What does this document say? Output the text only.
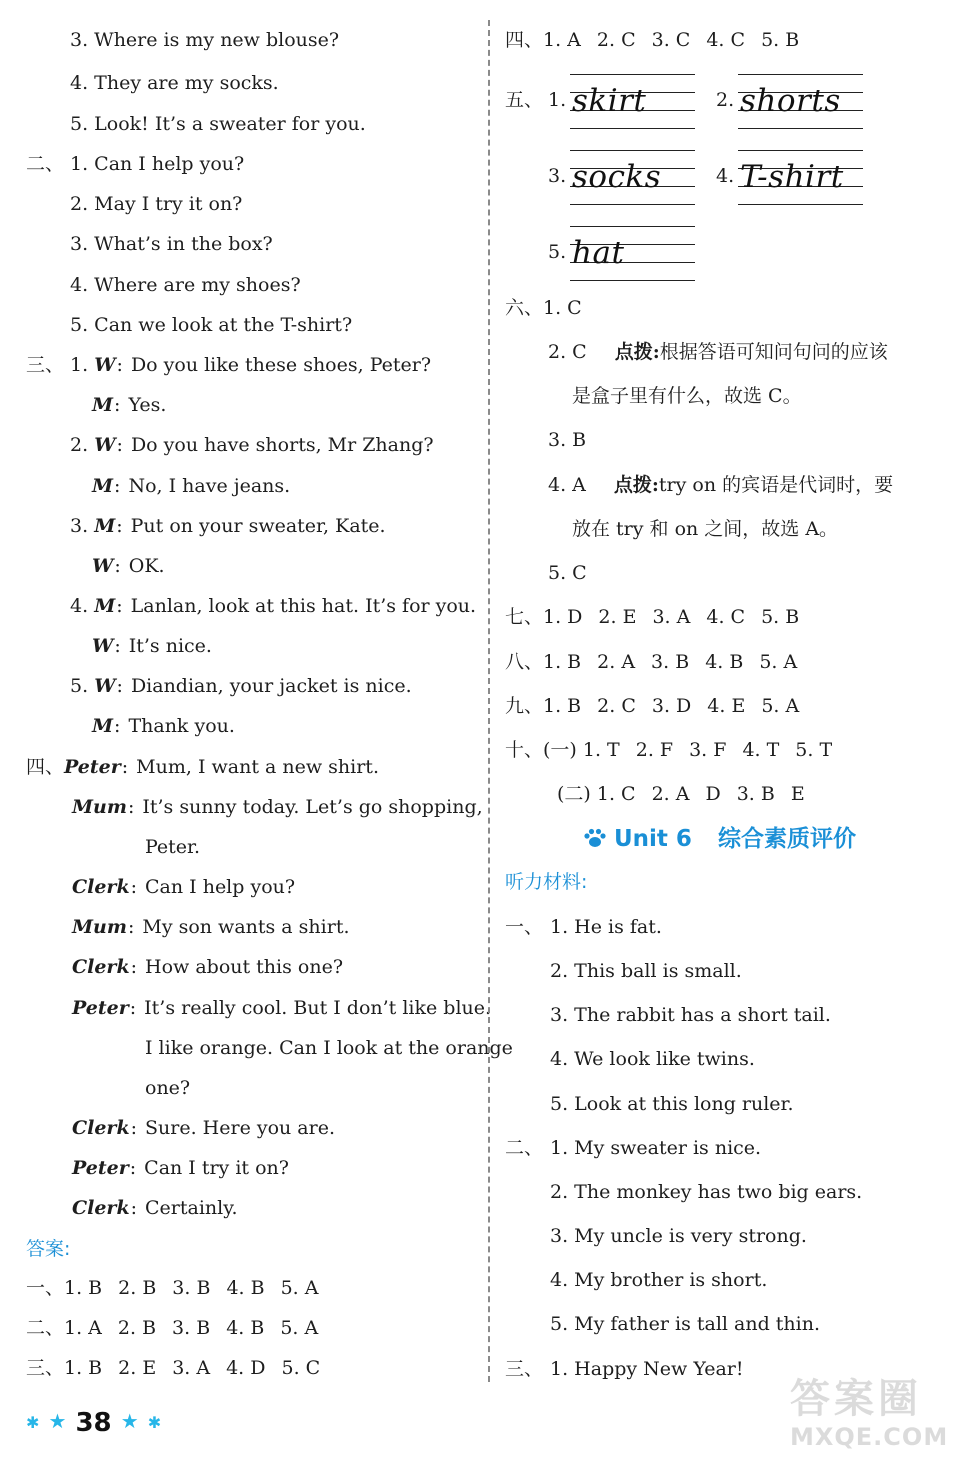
3. Where is my new blouse?
4. They are my socks.
5. Look! It’s a sweater for you.
二、 1. Can I help you?
2. May I try it on?
3. What’s in the box?
4. Where are my shoes?
5. Can we look at the T-shirt?
三、 1. W: Do you like these shoes, Peter?
M: Yes.
2. W: Do you have shorts, Mr Zhang?
M: No, I have jeans.
3. M: Put on your sweater, Kate.
W: OK.
4. M: Lanlan, look at this hat. It’s for you.
W: It’s nice.
5. W: Diandian, your jacket is nice.
M: Thank you.
四、Peter: Mum, I want a new shirt.
Mum: It’s sunny today. Let’s go shopping,
Peter.
Clerk: Can I help you?
Mum: My son wants a shirt.
Clerk: How about this one?
Peter: It’s really cool. But I don’t like blue.
I like orange. Can I look at the orange
one?
Clerk: Sure. Here you are.
Peter: Can I try it on?
Clerk: Certainly.
答案:
一、1. B 2. B 3. B 4. B 5. A
二、1. A 2. B 3. B 4. B 5. A
三、1. B 2. E 3. A 4. D 5. C
四、1. A 2. C 3. C 4. C 5. B
五、 1. skirt	2. shorts
3. socks	4. T-shirt
5. hat
六、1. C
2. C 点拨:根据答语可知问句问的应该
是盒子里有什么，故选 C。
3. B
4. A 点拨:try on 的宾语是代词时，要
放在 try 和 on 之间，故选 A。
5. C
七、1. D 2. E 3. A 4. C 5. B
八、1. B 2. A 3. B 4. B 5. A
九、1. B 2. C 3. D 4. E 5. A
十、(一) 1. T 2. F 3. F 4. T 5. T
(二) 1. C 2. A D 3. B E
Unit 6 综合素质评价
听力材料:
一、 1. He is fat.
2. This ball is small.
3. The rabbit has a short tail.
4. We look like twins.
5. Look at this long ruler.
二、 1. My sweater is nice.
2. The monkey has two big ears.
3. My uncle is very strong.
4. My brother is short.
5. My father is tall and thin.
三、 1. Happy New Year!
✱ ★ 38 ★ ✱
答案圈
MXQE.COM
